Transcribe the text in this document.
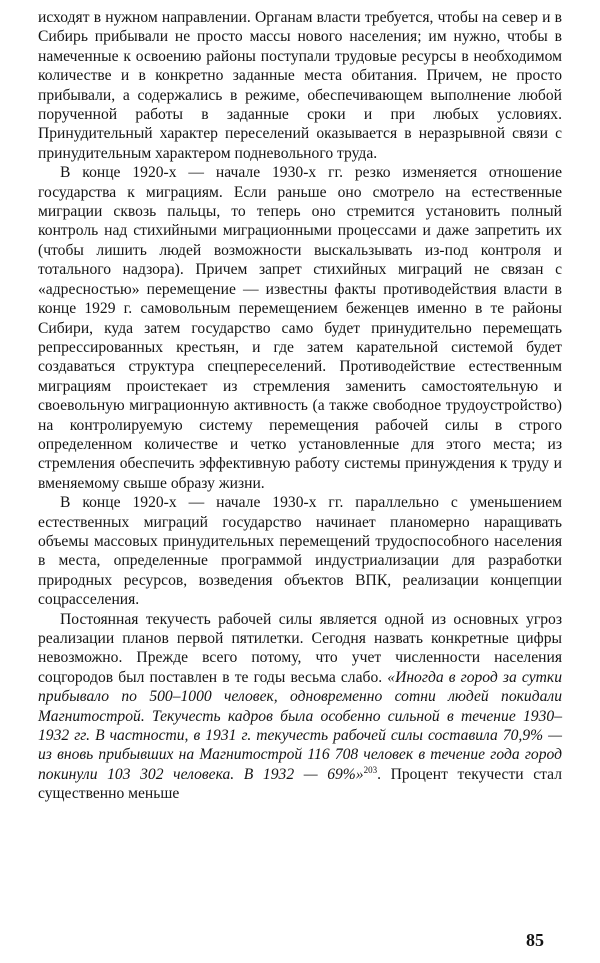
исходят в нужном направлении. Органам власти требуется, чтобы на север и в Сибирь прибывали не просто массы нового населения; им нужно, чтобы в намеченные к освоению районы поступали трудовые ресурсы в необходимом количестве и в конкретно заданные места обитания. Причем, не просто прибывали, а содержались в режиме, обеспечивающем выполнение любой порученной работы в заданные сроки и при любых условиях. Принудительный характер переселений оказывается в неразрывной связи с принудительным характером подневольного труда.

В конце 1920-х — начале 1930-х гг. резко изменяется отношение государства к миграциям. Если раньше оно смотрело на естественные миграции сквозь пальцы, то теперь оно стремится установить полный контроль над стихийными миграционными процессами и даже запретить их (чтобы лишить людей возможности выскальзывать из-под контроля и тотального надзора). Причем запрет стихийных миграций не связан с «адресностью» перемещение — известны факты противодействия власти в конце 1929 г. самовольным перемещением беженцев именно в те районы Сибири, куда затем государство само будет принудительно перемещать репрессированных крестьян, и где затем карательной системой будет создаваться структура спецпереселений. Противодействие естественным миграциям проистекает из стремления заменить самостоятельную и своевольную миграционную активность (а также свободное трудоустройство) на контролируемую систему перемещения рабочей силы в строго определенном количестве и четко установленные для этого места; из стремления обеспечить эффективную работу системы принуждения к труду и вменяемому свыше образу жизни.

В конце 1920-х — начале 1930-х гг. параллельно с уменьшением естественных миграций государство начинает планомерно наращивать объемы массовых принудительных перемещений трудоспособного населения в места, определенные программой индустриализации для разработки природных ресурсов, возведения объектов ВПК, реализации концепции соцрасселения.

Постоянная текучесть рабочей силы является одной из основных угроз реализации планов первой пятилетки. Сегодня назвать конкретные цифры невозможно. Прежде всего потому, что учет численности населения соцгородов был поставлен в те годы весьма слабо. «Иногда в город за сутки прибывало по 500–1000 человек, одновременно сотни людей покидали Магнитострой. Текучесть кадров была особенно сильной в течение 1930–1932 гг. В частности, в 1931 г. текучесть рабочей силы составила 70,9% — из вновь прибывших на Магнитострой 116 708 человек в течение года город покинули 103 302 человека. В 1932 — 69%»$^{203}$. Процент текучести стал существенно меньше

85
